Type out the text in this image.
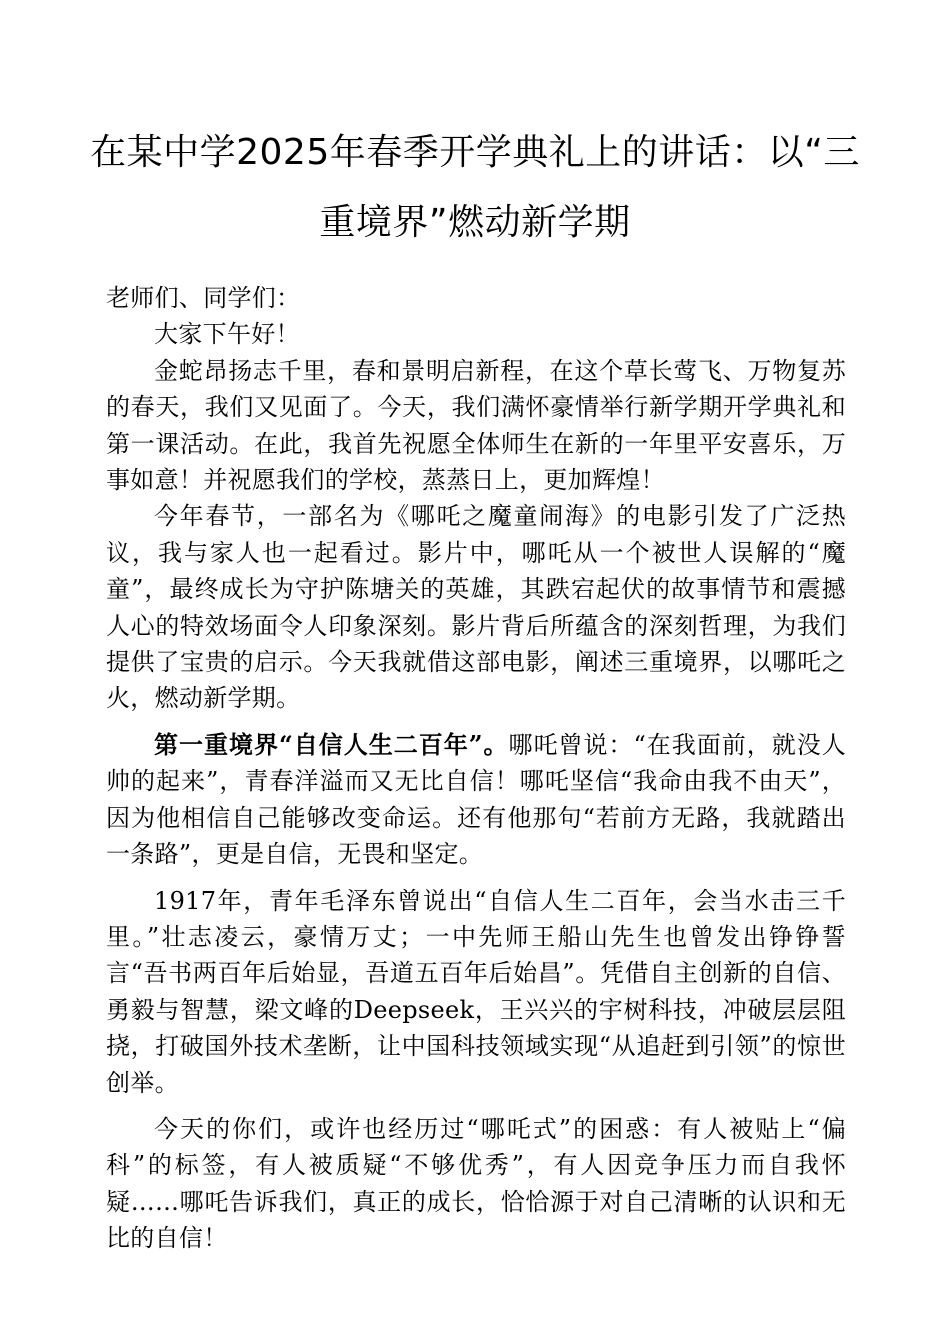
在某中学2025年春季开学典礼上的讲话：以“三重境界”燃动新学期

老师们、同学们：

大家下午好！

金蛇昂扬志千里，春和景明启新程，在这个草长莺飞、万物复苏的春天，我们又见面了。今天，我们满怀豪情举行新学期开学典礼和第一课活动。在此，我首先祝愿全体师生在新的一年里平安喜乐，万事如意！并祝愿我们的学校，蒸蒸日上，更加辉煌！

今年春节，一部名为《哪吒之魔童闹海》的电影引发了广泛热议，我与家人也一起看过。影片中，哪吒从一个被世人误解的“魔童”，最终成长为守护陈塘关的英雄，其跌宕起伏的故事情节和震撼人心的特效场面令人印象深刻。影片背后所蕴含的深刻哲理，为我们提供了宝贵的启示。今天我就借这部电影，阐述三重境界，以哪吒之火，燃动新学期。

第一重境界“自信人生二百年”。哪吒曾说：“在我面前，就没人帅的起来”，青春洋溢而又无比自信！哪吒坚信“我命由我不由天”，因为他相信自己能够改变命运。还有他那句“若前方无路，我就踏出一条路”，更是自信，无畏和坚定。

1917年，青年毛泽东曾说出“自信人生二百年，会当水击三千里。”壮志凌云，豪情万丈；一中先师王船山先生也曾发出铮铮誓言“吾书两百年后始显，吾道五百年后始昌”。凭借自主创新的自信、勇毅与智慧，梁文峰的Deepseek，王兴兴的宇树科技，冲破层层阻挠，打破国外技术垄断，让中国科技领域实现“从追赶到引领”的惊世创举。

今天的你们，或许也经历过“哪吒式”的困惑：有人被贴上“偏科”的标签，有人被质疑“不够优秀”，有人因竞争压力而自我怀疑……哪吒告诉我们，真正的成长，恰恰源于对自己清晰的认识和无比的自信！
